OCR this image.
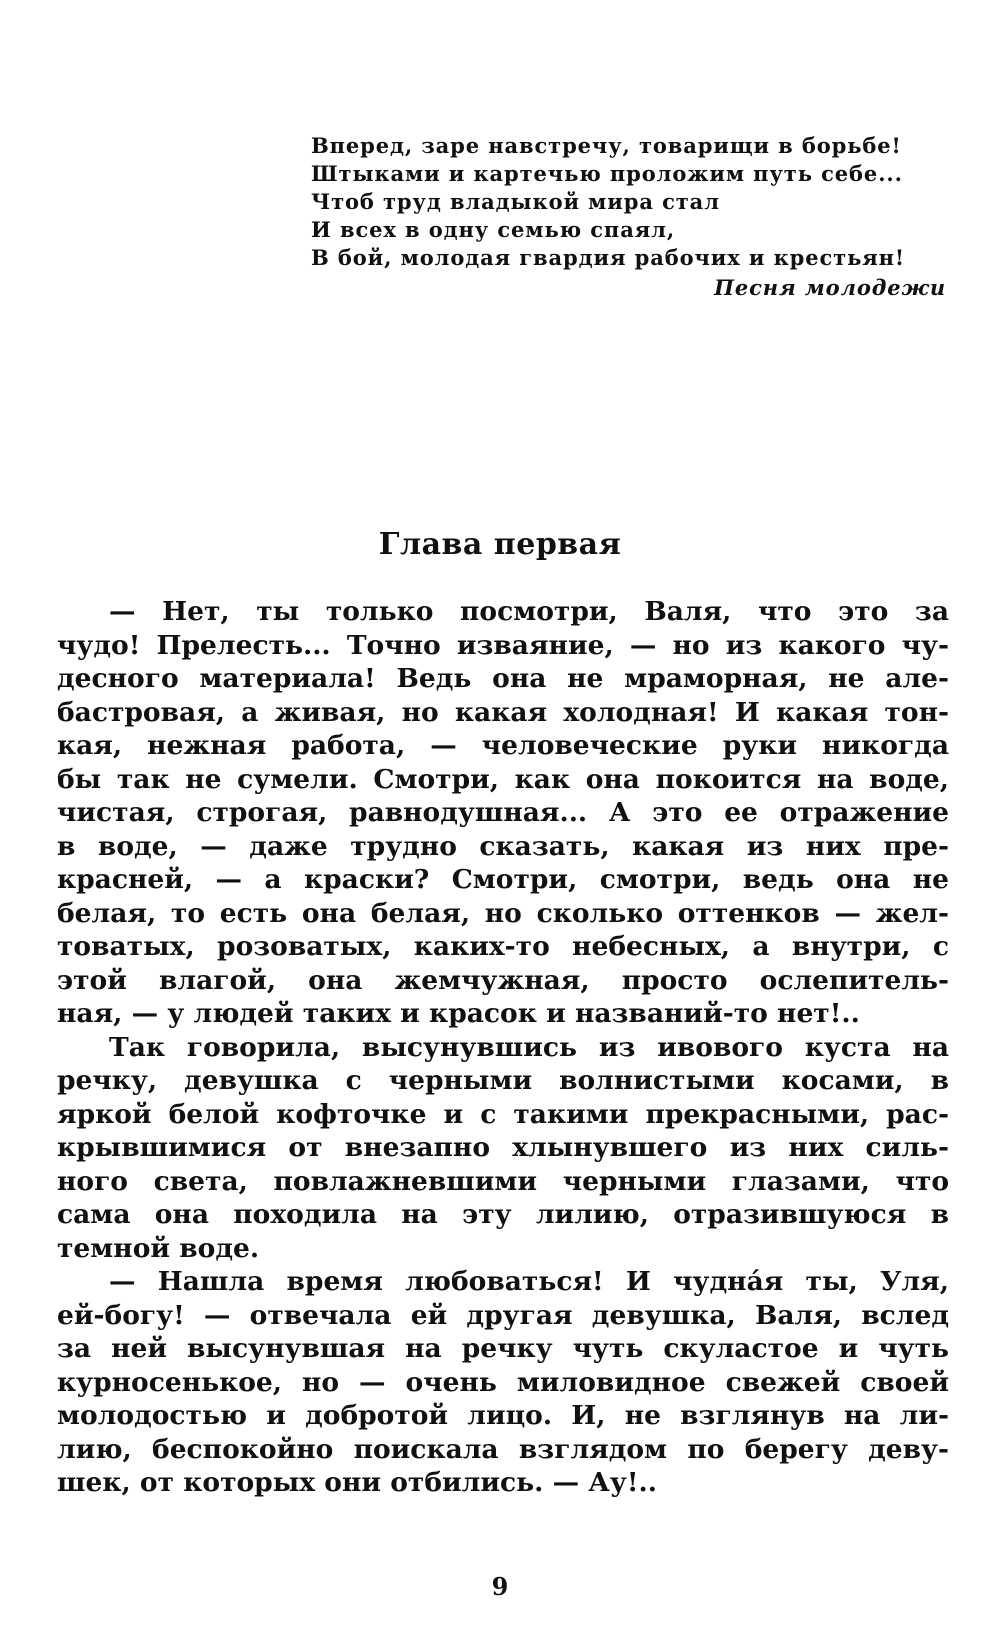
Вперед, заре навстречу, товарищи в борьбе!
Штыками и картечью проложим путь себе...
Чтоб труд владыкой мира стал
И всех в одну семью спаял,
В бой, молодая гвардия рабочих и крестьян!
Песня молодежи
Глава первая
— Нет, ты только посмотри, Валя, что это за
чудо! Прелесть... Точно изваяние, — но из какого чу-
десного материала! Ведь она не мраморная, не але-
бастровая, а живая, но какая холодная! И какая тон-
кая, нежная работа, — человеческие руки никогда
бы так не сумели. Смотри, как она покоится на воде,
чистая, строгая, равнодушная... А это ее отражение
в воде, — даже трудно сказать, какая из них пре-
красней, — а краски? Смотри, смотри, ведь она не
белая, то есть она белая, но сколько оттенков — жел-
товатых, розоватых, каких-то небесных, а внутри, с
этой влагой, она жемчужная, просто ослепитель-
ная, — у людей таких и красок и названий-то нет!..
Так говорила, высунувшись из ивового куста на
речку, девушка с черными волнистыми косами, в
яркой белой кофточке и с такими прекрасными, рас-
крывшимися от внезапно хлынувшего из них силь-
ного света, повлажневшими черными глазами, что
сама она походила на эту лилию, отразившуюся в
темной воде.
— Нашла время любоваться! И чудна́я ты, Уля,
ей-богу! — отвечала ей другая девушка, Валя, вслед
за ней высунувшая на речку чуть скуластое и чуть
курносенькое, но — очень миловидное свежей своей
молодостью и добротой лицо. И, не взглянув на ли-
лию, беспокойно поискала взглядом по берегу деву-
шек, от которых они отбились. — Ау!..
9
